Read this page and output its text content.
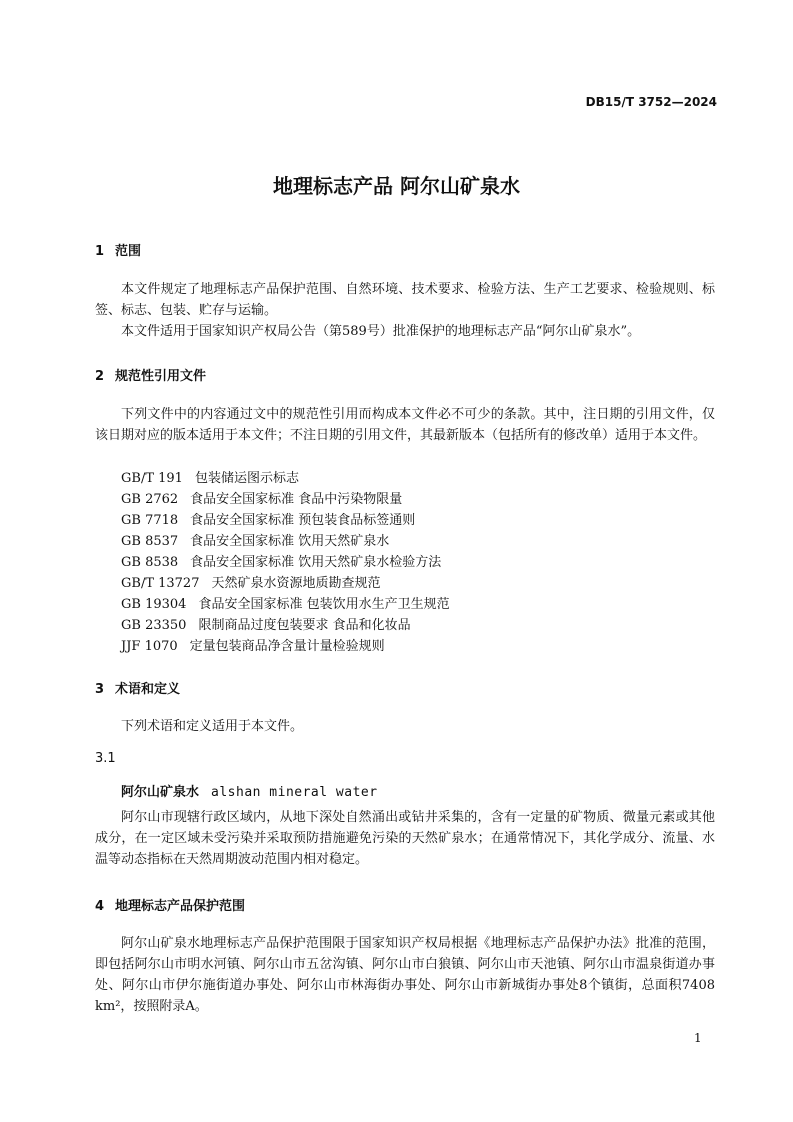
DB15/T 3752—2024
地理标志产品 阿尔山矿泉水
1 范围
本文件规定了地理标志产品保护范围、自然环境、技术要求、检验方法、生产工艺要求、检验规则、标签、标志、包装、贮存与运输。
本文件适用于国家知识产权局公告（第589号）批准保护的地理标志产品“阿尔山矿泉水”。
2 规范性引用文件
下列文件中的内容通过文中的规范性引用而构成本文件必不可少的条款。其中，注日期的引用文件，仅该日期对应的版本适用于本文件；不注日期的引用文件，其最新版本（包括所有的修改单）适用于本文件。
GB/T 191 包装储运图示标志
GB 2762 食品安全国家标准 食品中污染物限量
GB 7718 食品安全国家标准 预包装食品标签通则
GB 8537 食品安全国家标准 饮用天然矿泉水
GB 8538 食品安全国家标准 饮用天然矿泉水检验方法
GB/T 13727 天然矿泉水资源地质勘查规范
GB 19304 食品安全国家标准 包装饮用水生产卫生规范
GB 23350 限制商品过度包装要求 食品和化妆品
JJF 1070 定量包装商品净含量计量检验规则
3 术语和定义
下列术语和定义适用于本文件。
3.1
阿尔山矿泉水 alshan mineral water
阿尔山市现辖行政区域内，从地下深处自然涌出或钻井采集的，含有一定量的矿物质、微量元素或其他成分，在一定区域未受污染并采取预防措施避免污染的天然矿泉水；在通常情况下，其化学成分、流量、水温等动态指标在天然周期波动范围内相对稳定。
4 地理标志产品保护范围
阿尔山矿泉水地理标志产品保护范围限于国家知识产权局根据《地理标志产品保护办法》批准的范围，即包括阿尔山市明水河镇、阿尔山市五岔沟镇、阿尔山市白狼镇、阿尔山市天池镇、阿尔山市温泉街道办事处、阿尔山市伊尔施街道办事处、阿尔山市林海街办事处、阿尔山市新城街办事处8个镇街，总面积7408 km²，按照附录A。
1
